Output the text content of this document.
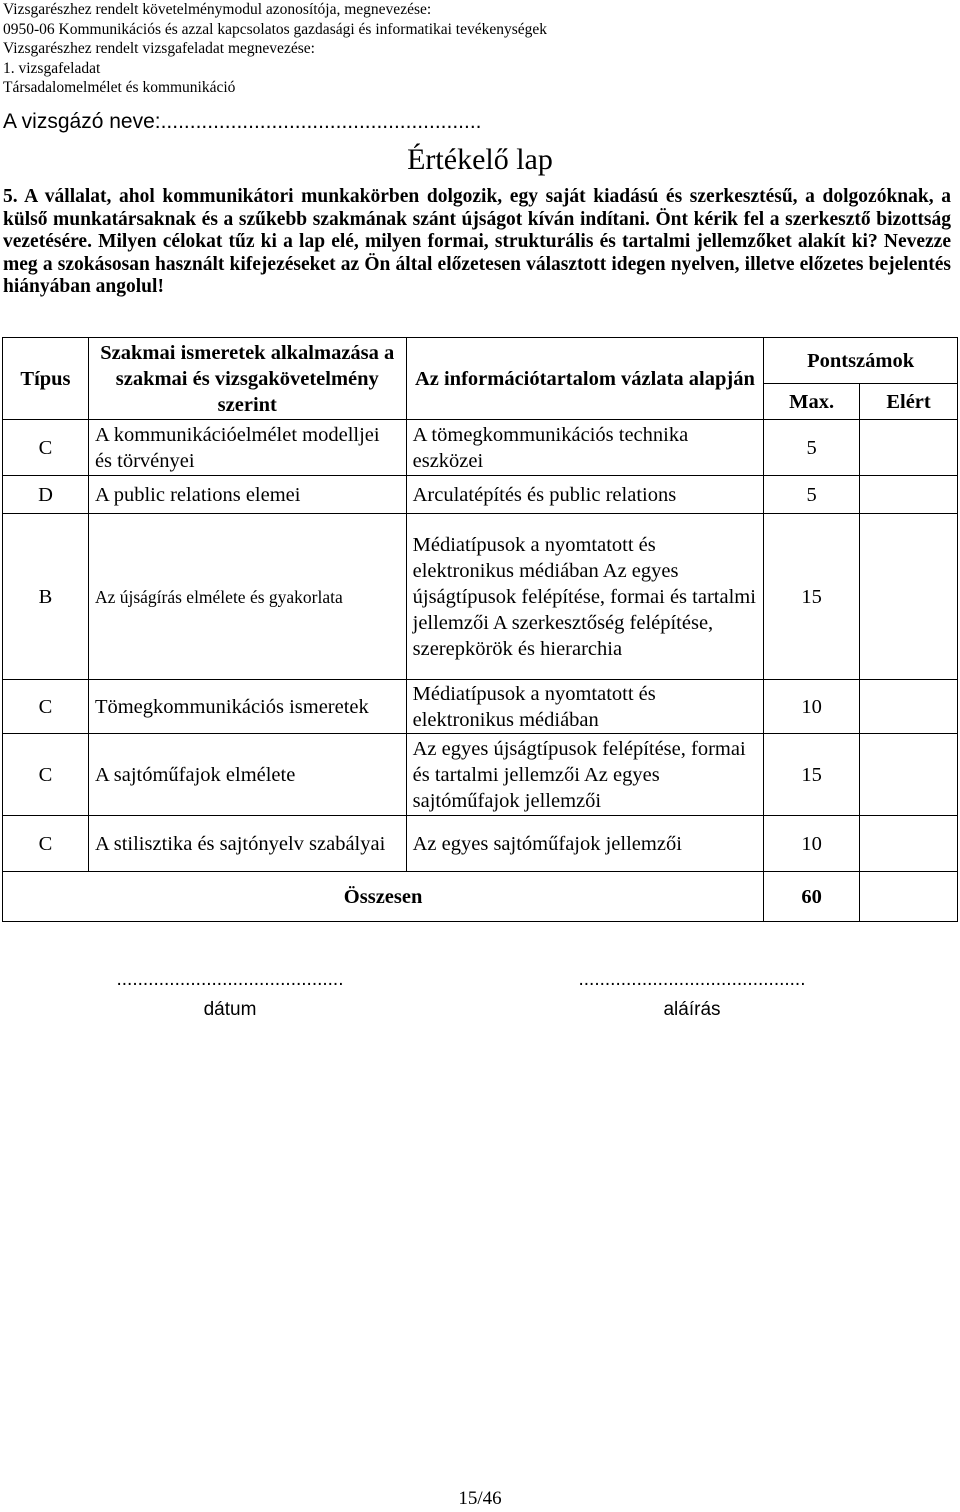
Vizsgarészhez rendelt követelménymodul azonosítója, megnevezése:
0950-06 Kommunikációs és azzal kapcsolatos gazdasági és informatikai tevékenységek
Vizsgarészhez rendelt vizsgafeladat megnevezése:
1. vizsgafeladat
Társadalomelmélet és kommunikáció
A vizsgázó neve:.......................................................
Értékelő lap
5. A vállalat, ahol kommunikátori munkakörben dolgozik, egy saját kiadású és szerkesztésű, a dolgozóknak, a külső munkatársaknak és a szűkebb szakmának szánt újságot kíván indítani. Önt kérik fel a szerkesztő bizottság vezetésére. Milyen célokat tűz ki a lap elé, milyen formai, strukturális és tartalmi jellemzőket alakít ki? Nevezze meg a szokásosan használt kifejezéseket az Ön által előzetesen választott idegen nyelven, illetve előzetes bejelentés hiányában angolul!
Típus	Szakmai ismeretek alkalmazása a szakmai és vizsgakövetelmény szerint	Az információtartalom vázlata alapján	Pontszámok	
			Max.	Elért
C	A kommunikációelmélet modelljei és törvényei	A tömegkommunikációs technika eszközei	5	
D	A public relations elemei	Arculatépítés és public relations	5	
B	Az újságírás elmélete és gyakorlata	Médiatípusok a nyomtatott és elektronikus médiában Az egyes újságtípusok felépítése, formai és tartalmi jellemzői A szerkesztőség felépítése, szerepkörök és hierarchia	15	
C	Tömegkommunikációs ismeretek	Médiatípusok a nyomtatott és elektronikus médiában	10	
C	A sajtóműfajok elmélete	Az egyes újságtípusok felépítése, formai és tartalmi jellemzői Az egyes sajtóműfajok jellemzői	15	
C	A stilisztika és sajtónyelv szabályai	Az egyes sajtóműfajok jellemzői	10	
Összesen			60	
...........................................
dátum
...........................................
aláírás
15/46
